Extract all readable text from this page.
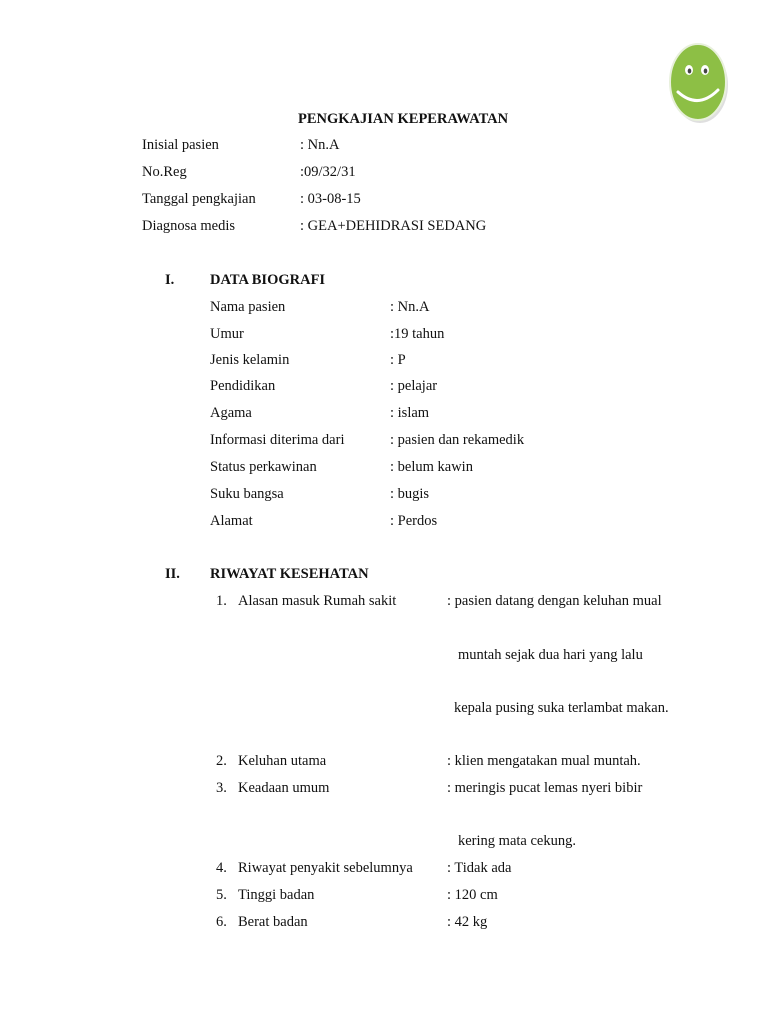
PENGKAJIAN KEPERAWATAN
Inisial pasien	: Nn.A
No.Reg	:09/32/31
Tanggal pengkajian	: 03-08-15
Diagnosa medis	: GEA+DEHIDRASI SEDANG
I. DATA BIOGRAFI
Nama pasien	: Nn.A
Umur	:19 tahun
Jenis kelamin	: P
Pendidikan	: pelajar
Agama	: islam
Informasi diterima dari	: pasien dan rekamedik
Status perkawinan	: belum kawin
Suku bangsa	: bugis
Alamat	: Perdos
II. RIWAYAT KESEHATAN
1. Alasan masuk Rumah sakit	: pasien datang dengan keluhan mual
muntah sejak dua hari yang lalu
kepala pusing suka terlambat makan.
2. Keluhan utama	: klien mengatakan mual muntah.
3. Keadaan umum	: meringis pucat lemas nyeri bibir
kering mata cekung.
4. Riwayat penyakit sebelumnya : Tidak ada
5. Tinggi badan	: 120 cm
6. Berat badan	: 42 kg
